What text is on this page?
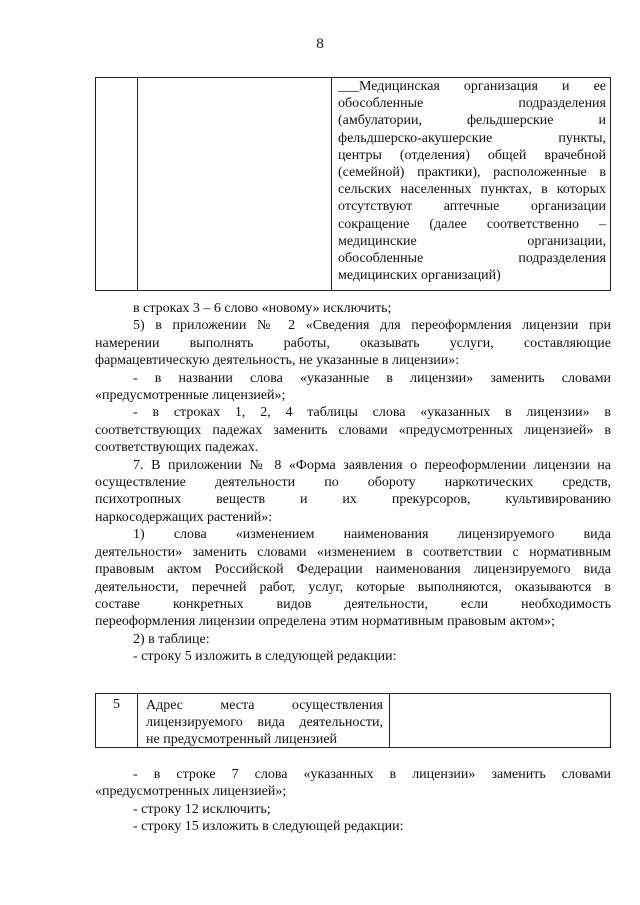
8
___Медицинская организация и ее
обособленные подразделения
(амбулатории, фельдшерские и
фельдшерско-акушерские пункты,
центры (отделения) общей врачебной
(семейной) практики), расположенные в
сельских населенных пунктах, в которых
отсутствуют аптечные организации
сокращение (далее соответственно –
медицинские организации,
обособленные подразделения
медицинских организаций)
в строках 3 – 6 слово «новому» исключить;
5) в приложении № 2 «Сведения для переоформления лицензии при
намерении выполнять работы, оказывать услуги, составляющие
фармацевтическую деятельность, не указанные в лицензии»:
- в названии слова «указанные в лицензии» заменить словами
«предусмотренные лицензией»;
- в строках 1, 2, 4 таблицы слова «указанных в лицензии» в
соответствующих падежах заменить словами «предусмотренных лицензией» в
соответствующих падежах.
7. В приложении № 8 «Форма заявления о переоформлении лицензии на
осуществление деятельности по обороту наркотических средств,
психотропных веществ и их прекурсоров, культивированию
наркосодержащих растений»:
1) слова «изменением наименования лицензируемого вида
деятельности» заменить словами «изменением в соответствии с нормативным
правовым актом Российской Федерации наименования лицензируемого вида
деятельности, перечней работ, услуг, которые выполняются, оказываются в
составе конкретных видов деятельности, если необходимость
переоформления лицензии определена этим нормативным правовым актом»;
2) в таблице:
- строку 5 изложить в следующей редакции:
5	Адрес места осуществления
лицензируемого вида деятельности,
не предусмотренный лицензией
- в строке 7 слова «указанных в лицензии» заменить словами
«предусмотренных лицензией»;
- строку 12 исключить;
- строку 15 изложить в следующей редакции:
